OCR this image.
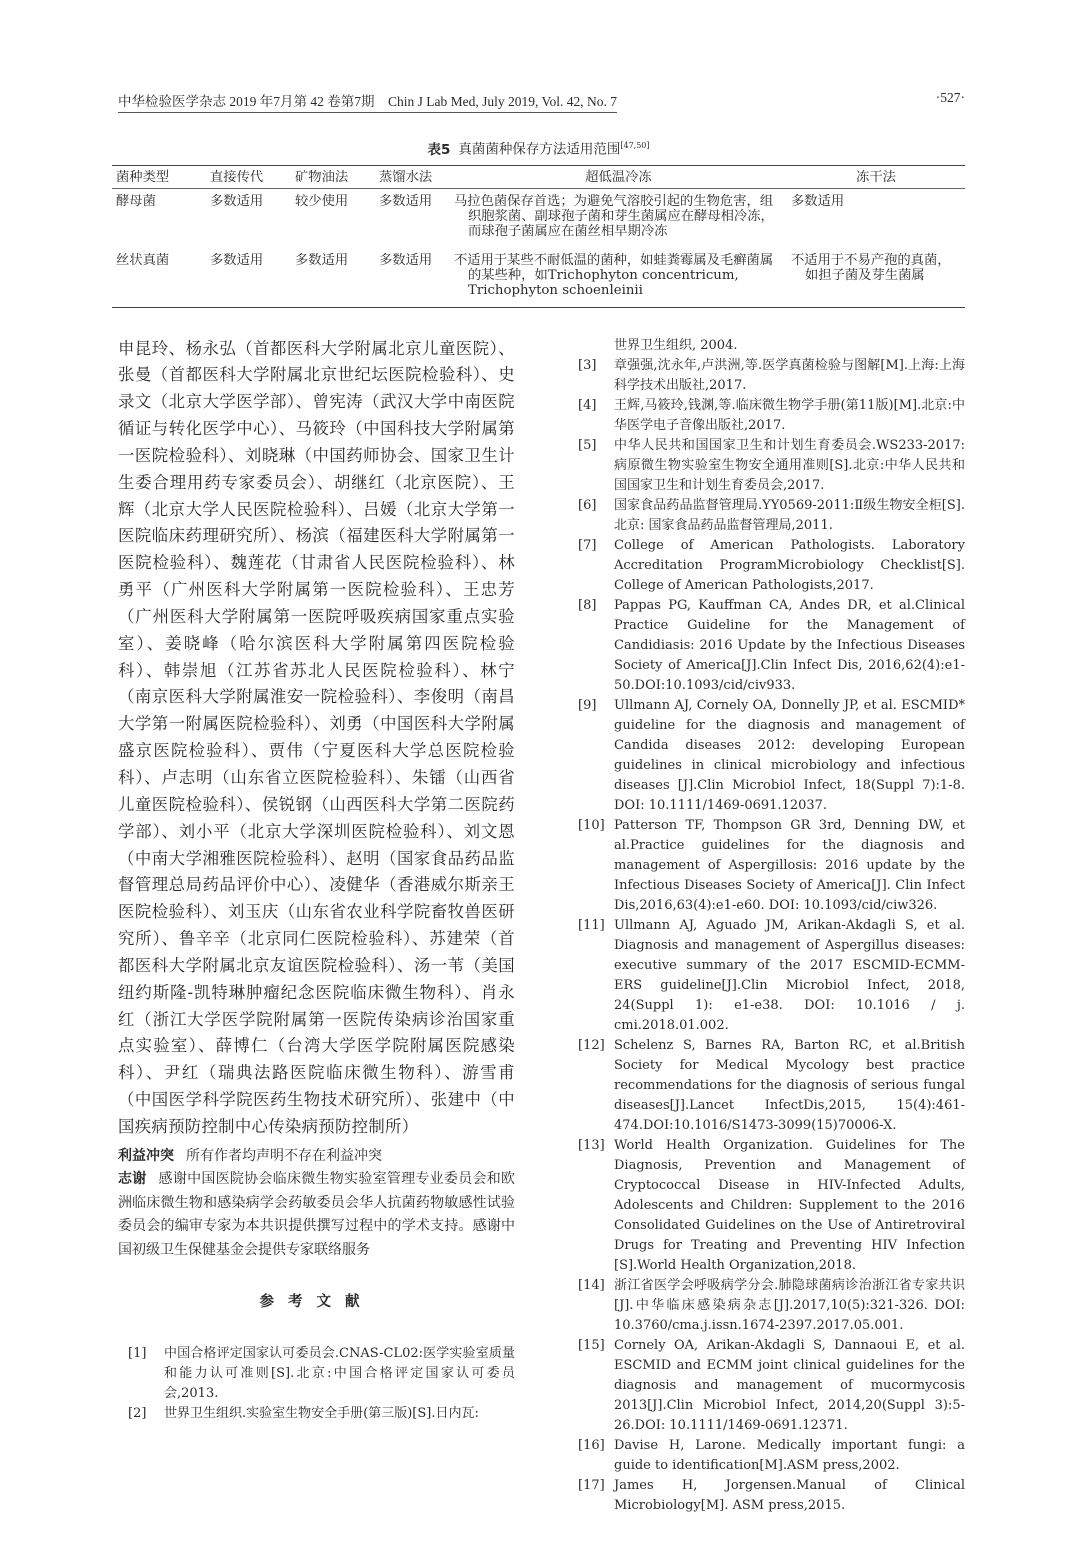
中华检验医学杂志 2019 年7月第 42 卷第7期　Chin J Lab Med, July 2019, Vol. 42, No. 7	·527·
表5 真菌菌种保存方法适用范围[47,50]
菌种类型	直接传代	矿物油法	蒸馏水法	超低温冷冻	冻干法
酵母菌	多数适用	较少使用	多数适用	马拉色菌保存首选；为避免气溶胶引起的生物危害，组织胞浆菌、副球孢子菌和芽生菌属应在酵母相冷冻，而球孢子菌属应在菌丝相早期冷冻	多数适用
丝状真菌	多数适用	多数适用	多数适用	不适用于某些不耐低温的菌种，如蛙粪霉属及毛癣菌属的某些种，如Trichophyton concentricum, Trichophyton schoenleinii	不适用于不易产孢的真菌，如担子菌及芽生菌属
申昆玲、杨永弘（首都医科大学附属北京儿童医院）、张曼（首都医科大学附属北京世纪坛医院检验科）、史录文（北京大学医学部）、曾宪涛（武汉大学中南医院循证与转化医学中心）、马筱玲（中国科技大学附属第一医院检验科）、刘晓琳（中国药师协会、国家卫生计生委合理用药专家委员会）、胡继红（北京医院）、王辉（北京大学人民医院检验科）、吕媛（北京大学第一医院临床药理研究所）、杨滨（福建医科大学附属第一医院检验科）、魏莲花（甘肃省人民医院检验科）、林勇平（广州医科大学附属第一医院检验科）、王忠芳（广州医科大学附属第一医院呼吸疾病国家重点实验室）、姜晓峰（哈尔滨医科大学附属第四医院检验科）、韩崇旭（江苏省苏北人民医院检验科）、林宁（南京医科大学附属淮安一院检验科）、李俊明（南昌大学第一附属医院检验科）、刘勇（中国医科大学附属盛京医院检验科）、贾伟（宁夏医科大学总医院检验科）、卢志明（山东省立医院检验科）、朱镭（山西省儿童医院检验科）、侯锐钢（山西医科大学第二医院药学部）、刘小平（北京大学深圳医院检验科）、刘文恩（中南大学湘雅医院检验科）、赵明（国家食品药品监督管理总局药品评价中心）、凌健华（香港威尔斯亲王医院检验科）、刘玉庆（山东省农业科学院畜牧兽医研究所）、鲁辛辛（北京同仁医院检验科）、苏建荣（首都医科大学附属北京友谊医院检验科）、汤一苇（美国纽约斯隆-凯特琳肿瘤纪念医院临床微生物科）、肖永红（浙江大学医学院附属第一医院传染病诊治国家重点实验室）、薛博仁（台湾大学医学院附属医院感染科）、尹红（瑞典法路医院临床微生物科）、游雪甫（中国医学科学院医药生物技术研究所）、张建中（中国疾病预防控制中心传染病预防控制所）
利益冲突 所有作者均声明不存在利益冲突
志谢 感谢中国医院协会临床微生物实验室管理专业委员会和欧洲临床微生物和感染病学会药敏委员会华人抗菌药物敏感性试验委员会的编审专家为本共识提供撰写过程中的学术支持。感谢中国初级卫生保健基金会提供专家联络服务
参考文献
[1]	中国合格评定国家认可委员会.CNAS-CL02:医学实验室质量和能力认可准则[S].北京:中国合格评定国家认可委员会,2013.
[2]	世界卫生组织.实验室生物安全手册(第三版)[S].日内瓦:
世界卫生组织, 2004.
[3]	章强强,沈永年,卢洪洲,等.医学真菌检验与图解[M].上海:上海科学技术出版社,2017.
[4]	王辉,马筱玲,钱渊,等.临床微生物学手册(第11版)[M].北京:中华医学电子音像出版社,2017.
[5]	中华人民共和国国家卫生和计划生育委员会.WS233-2017:病原微生物实验室生物安全通用准则[S].北京:中华人民共和国国家卫生和计划生育委员会,2017.
[6]	国家食品药品监督管理局.YY0569-2011:Ⅱ级生物安全柜[S].北京: 国家食品药品监督管理局,2011.
[7]	College of American Pathologists. Laboratory Accreditation ProgramMicrobiology Checklist[S]. College of American Pathologists,2017.
[8]	Pappas PG, Kauffman CA, Andes DR, et al.Clinical Practice Guideline for the Management of Candidiasis: 2016 Update by the Infectious Diseases Society of America[J].Clin Infect Dis, 2016,62(4):e1-50.DOI:10.1093/cid/civ933.
[9]	Ullmann AJ, Cornely OA, Donnelly JP, et al. ESCMID* guideline for the diagnosis and management of Candida diseases 2012: developing European guidelines in clinical microbiology and infectious diseases [J].Clin Microbiol Infect, 18(Suppl 7):1-8. DOI: 10.1111/1469-0691.12037.
[10] Patterson TF, Thompson GR 3rd, Denning DW, et al.Practice guidelines for the diagnosis and management of Aspergillosis: 2016 update by the Infectious Diseases Society of America[J]. Clin Infect Dis,2016,63(4):e1-e60. DOI: 10.1093/cid/ciw326.
[11] Ullmann AJ, Aguado JM, Arikan-Akdagli S, et al. Diagnosis and management of Aspergillus diseases: executive summary of the 2017 ESCMID-ECMM-ERS guideline[J].Clin Microbiol Infect, 2018, 24(Suppl 1): e1-e38. DOI: 10.1016 / j. cmi.2018.01.002.
[12] Schelenz S, Barnes RA, Barton RC, et al.British Society for Medical Mycology best practice recommendations for the diagnosis of serious fungal diseases[J].Lancet InfectDis,2015, 15(4):461-474.DOI:10.1016/S1473-3099(15)70006-X.
[13] World Health Organization. Guidelines for The Diagnosis, Prevention and Management of Cryptococcal Disease in HIV-Infected Adults, Adolescents and Children: Supplement to the 2016 Consolidated Guidelines on the Use of Antiretroviral Drugs for Treating and Preventing HIV Infection [S].World Health Organization,2018.
[14] 浙江省医学会呼吸病学分会.肺隐球菌病诊治浙江省专家共识[J].中华临床感染病杂志[J].2017,10(5):321-326. DOI: 10.3760/cma.j.issn.1674-2397.2017.05.001.
[15] Cornely OA, Arikan-Akdagli S, Dannaoui E, et al. ESCMID and ECMM joint clinical guidelines for the diagnosis and management of mucormycosis 2013[J].Clin Microbiol Infect, 2014,20(Suppl 3):5-26.DOI: 10.1111/1469-0691.12371.
[16] Davise H, Larone. Medically important fungi: a guide to identification[M].ASM press,2002.
[17] James H, Jorgensen.Manual of Clinical Microbiology[M]. ASM press,2015.
